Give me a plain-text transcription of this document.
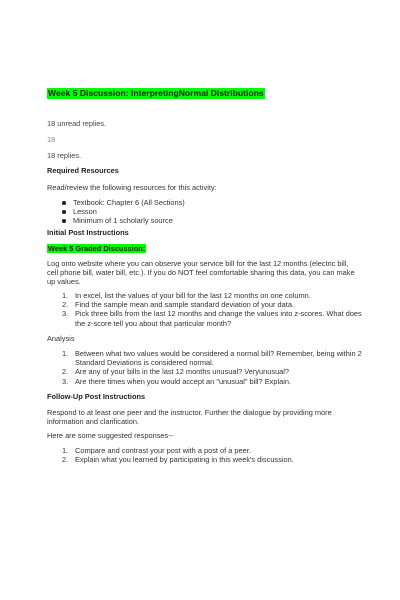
Week 5 Discussion: InterpretingNormal Distributions
18 unread replies.
18
18 replies.
Required Resources
Read/review the following resources for this activity:
Textbook: Chapter 6 (All Sections)
Lesson
Minimum of 1 scholarly source
Initial Post Instructions
Week 5 Graded Discussion:
Log onto website where you can observe your service bill for the last 12 months (electric bill, cell phone bill, water bill, etc.). If you do NOT feel comfortable sharing this data, you can make up values.
1. In excel, list the values of your bill for the last 12 months on one column.
2. Find the sample mean and sample standard deviation of your data.
3. Pick three bills from the last 12 months and change the values into z-scores. What does the z-score tell you about that particular month?
Analysis
1. Between what two values would be considered a normal bill? Remember, being within 2 Standard Deviations is considered normal.
2. Are any of your bills in the last 12 months unusual? Veryunusual?
3. Are there times when you would accept an "unusual" bill? Explain.
Follow-Up Post Instructions
Respond to at least one peer and the instructor. Further the dialogue by providing more information and clarification.
Here are some suggested responses--
1. Compare and contrast your post with a post of a peer.
2. Explain what you learned by participating in this week's discussion.
